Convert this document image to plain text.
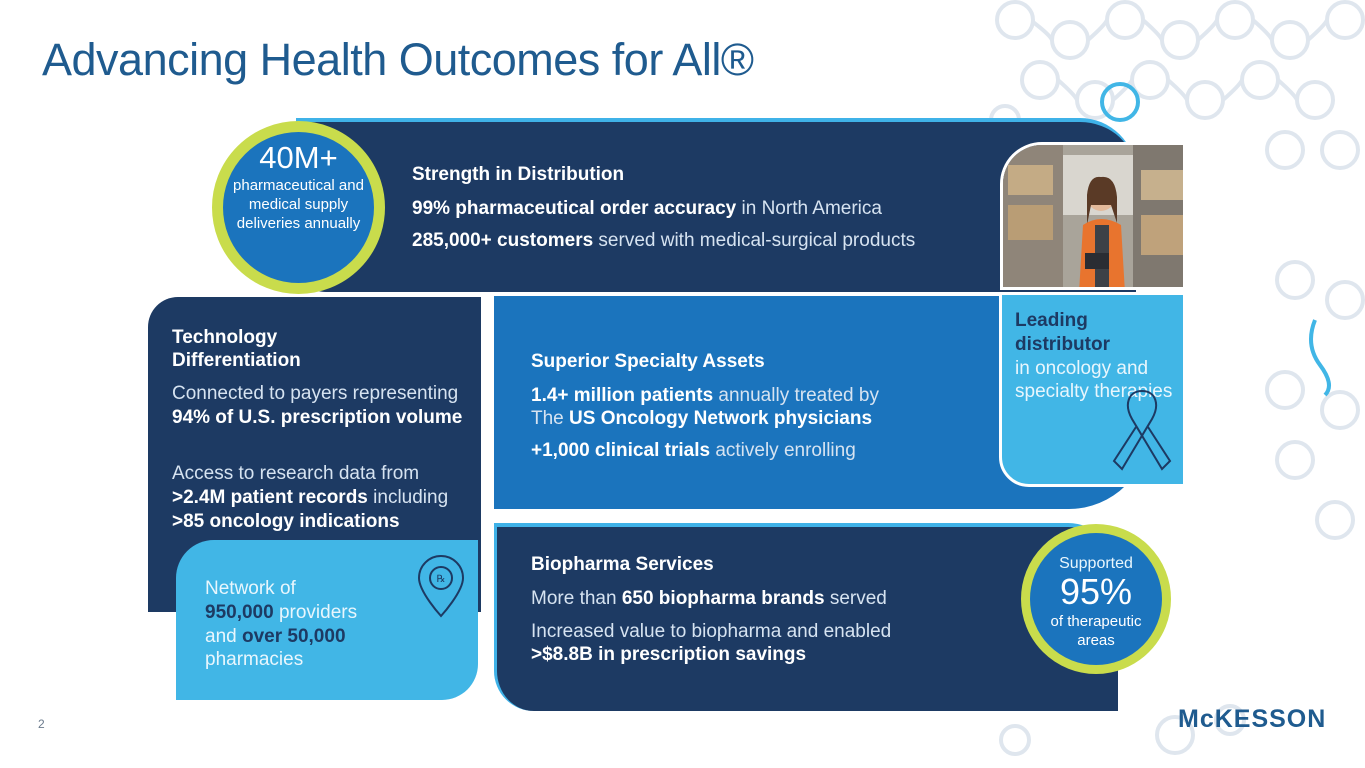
Advancing Health Outcomes for All®
Strength in Distribution
99% pharmaceutical order accuracy in North America
285,000+ customers served with medical-surgical products
40M+
pharmaceutical and medical supply deliveries annually
Technology Differentiation
Connected to payers representing 94% of U.S. prescription volume
Access to research data from >2.4M patient records including >85 oncology indications
Network of
950,000 providers
and over 50,000
pharmacies
℞
Superior Specialty Assets
1.4+ million patients annually treated by
The US Oncology Network physicians
+1,000 clinical trials actively enrolling
Leading distributor
in oncology and specialty therapies
Biopharma Services
More than 650 biopharma brands served
Increased value to biopharma and enabled
>$8.8B in prescription savings
Supported
95%
of therapeutic areas
2	McKESSON
